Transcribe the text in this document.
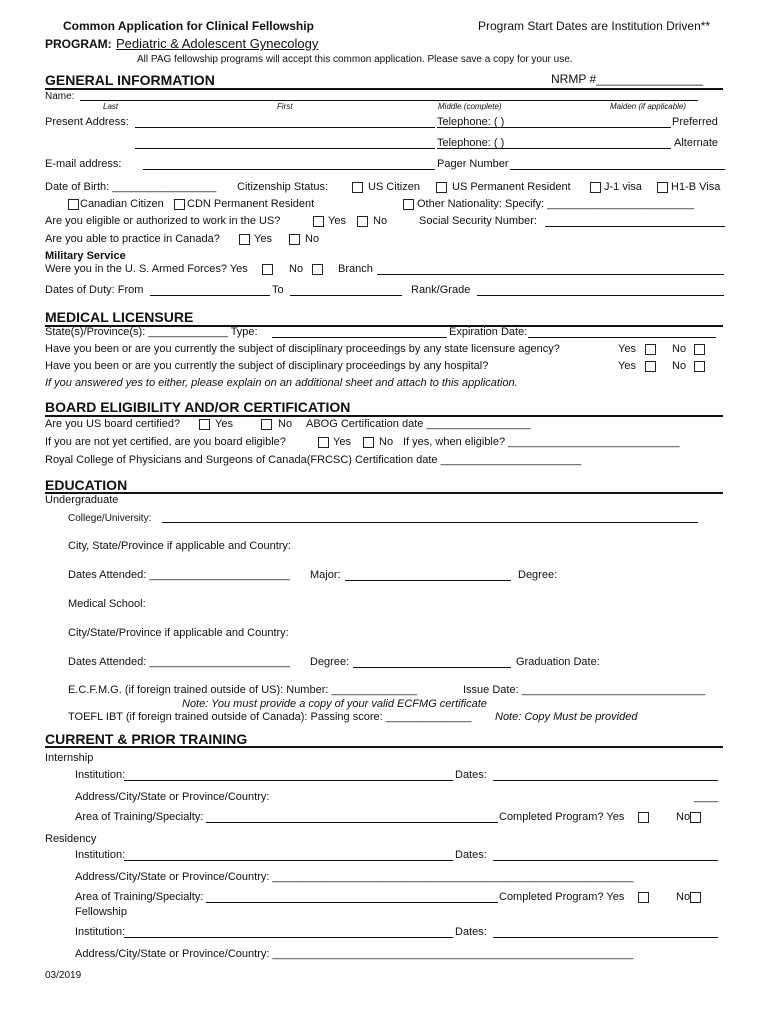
Common Application for Clinical Fellowship	Program Start Dates are Institution Driven**
PROGRAM: Pediatric & Adolescent Gynecology
All PAG fellowship programs will accept this common application. Please save a copy for your use.
GENERAL INFORMATION	NRMP #________________
Name:
Last	First	Middle (complete)	Maiden (if applicable)
Present Address:	Telephone: ( )	Preferred
Telephone: ( )	Alternate
E-mail address:	Pager Number
Date of Birth: _________________ Citizenship Status:	US Citizen	US Permanent Resident	J-1 visa	H1-B Visa
Canadian Citizen CDN Permanent Resident	Other Nationality: Specify: ________________________
Are you eligible or authorized to work in the US?	Yes No	Social Security Number:
Are you able to practice in Canada?	Yes	No
Military Service
Were you in the U. S. Armed Forces? Yes	No	Branch
Dates of Duty: From	To	Rank/Grade
MEDICAL LICENSURE
State(s)/Province(s): _____________ Type:	Expiration Date:
Have you been or are you currently the subject of disciplinary proceedings by any state licensure agency?	Yes	No
Have you been or are you currently the subject of disciplinary proceedings by any hospital?	Yes	No
If you answered yes to either, please explain on an additional sheet and attach to this application.
BOARD ELIGIBILITY AND/OR CERTIFICATION
Are you US board certified?	Yes	No ABOG Certification date _________________
If you are not yet certified, are you board eligible?	Yes	No If yes, when eligible? ____________________________
Royal College of Physicians and Surgeons of Canada(FRCSC) Certification date _______________________
EDUCATION
Undergraduate
College/University:
City, State/Province if applicable and Country:
Dates Attended: _______________________ Major:	Degree:
Medical School:
City/State/Province if applicable and Country:
Dates Attended: _______________________ Degree:	Graduation Date:
E.C.F.M.G. (if foreign trained outside of US): Number: ______________	Issue Date: ______________________________
Note: You must provide a copy of your valid ECFMG certificate
TOEFL IBT (if foreign trained outside of Canada): Passing score: ______________ Note: Copy Must be provided
CURRENT & PRIOR TRAINING
Internship
Institution:	Dates:
Address/City/State or Province/Country:	____
Area of Training/Specialty:	Completed Program? Yes	No
Residency
Institution:	Dates:
Address/City/State or Province/Country: ___________________________________________________________
Area of Training/Specialty:	Completed Program? Yes	No
Fellowship
Institution:	Dates:
Address/City/State or Province/Country: ___________________________________________________________
03/2019
